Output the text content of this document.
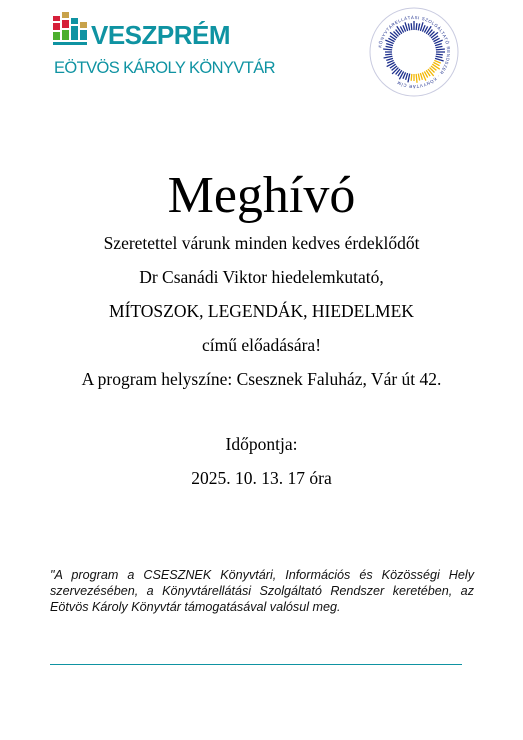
VESZPRÉM
EÖTVÖS KÁROLY KÖNYVTÁR
KÖNYVTÁRELLÁTÁSI SZOLGÁLTATÓ RENDSZER · KÖNYVTÁR CÍM
Meghívó
Szeretettel várunk minden kedves érdeklődőt
Dr Csanádi Viktor hiedelemkutató,
MÍTOSZOK, LEGENDÁK, HIEDELMEK
című előadására!
A program helyszíne: Csesznek Faluház, Vár út 42.
Időpontja:
2025. 10. 13. 17 óra
"A program a CSESZNEK Könyvtári, Információs és Közösségi Hely szervezésében, a Könyvtárellátási Szolgáltató Rendszer keretében, az Eötvös Károly Könyvtár támogatásával valósul meg.
